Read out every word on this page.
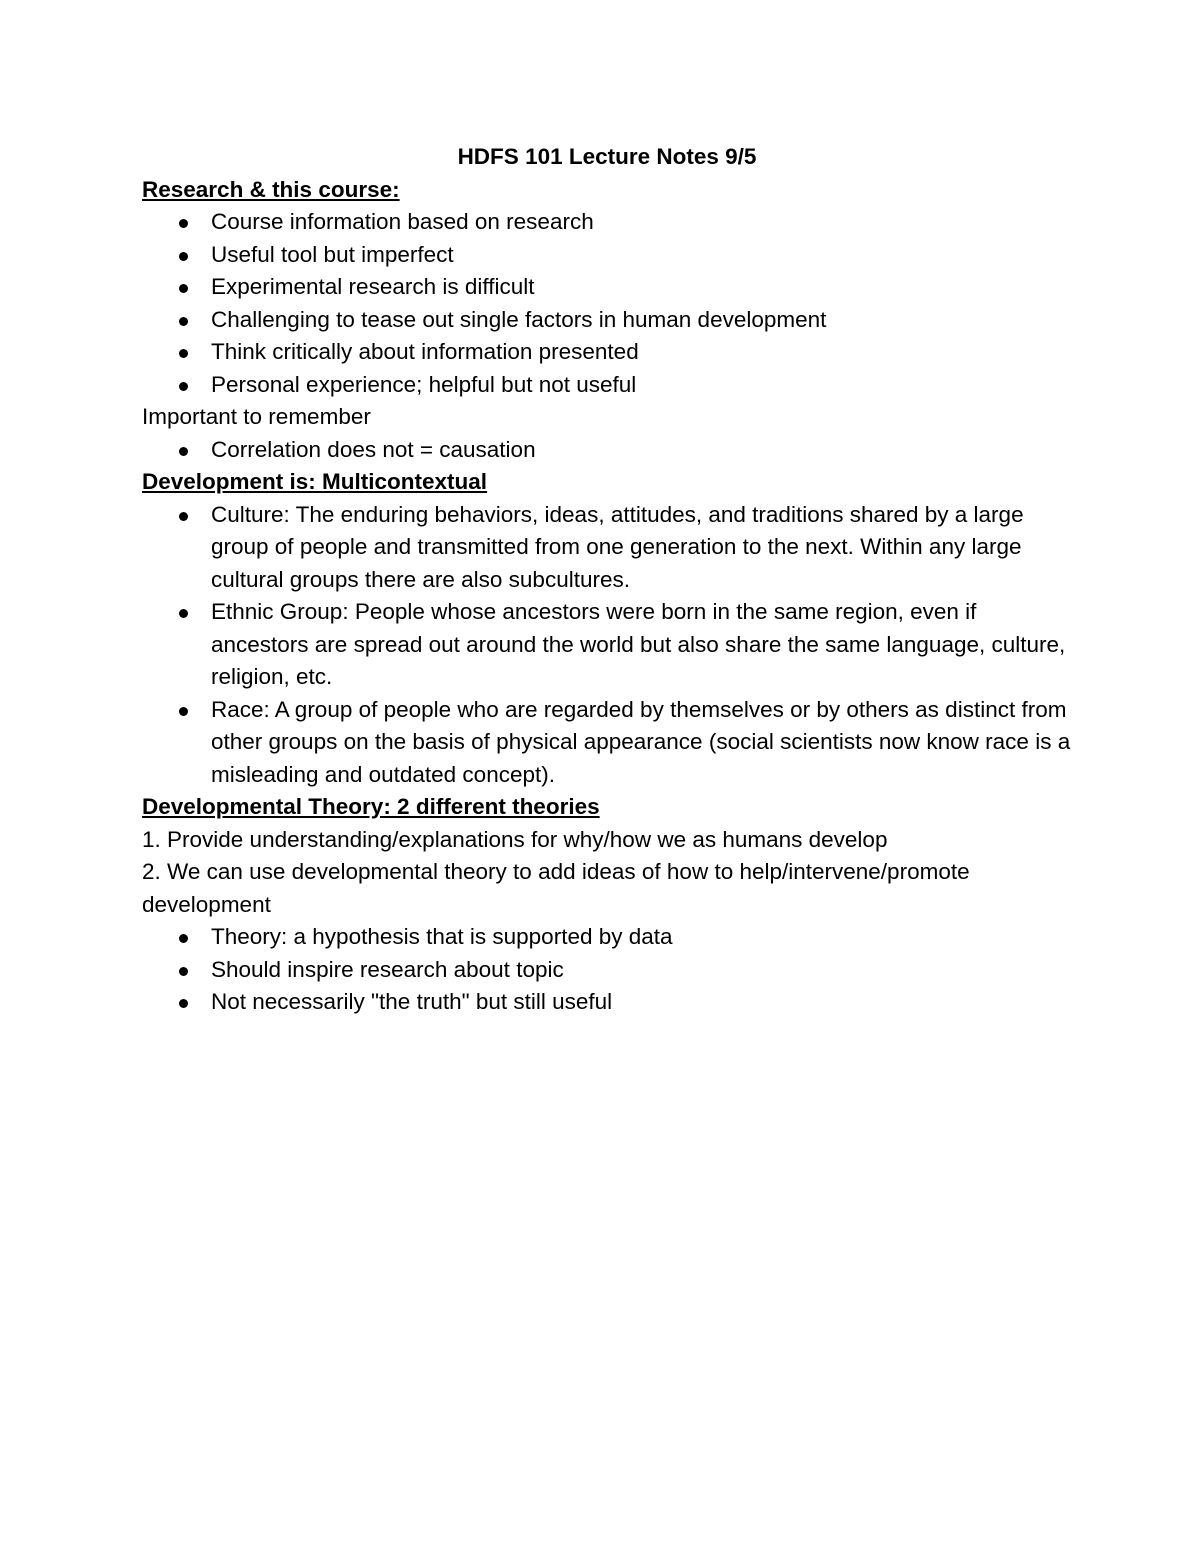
HDFS 101 Lecture Notes 9/5

Research & this course:

Course information based on research
Useful tool but imperfect
Experimental research is difficult
Challenging to tease out single factors in human development
Think critically about information presented
Personal experience; helpful but not useful

Important to remember

Correlation does not = causation

Development is: Multicontextual

Culture: The enduring behaviors, ideas, attitudes, and traditions shared by a large group of people and transmitted from one generation to the next. Within any large cultural groups there are also subcultures.
Ethnic Group: People whose ancestors were born in the same region, even if ancestors are spread out around the world but also share the same language, culture, religion, etc.
Race: A group of people who are regarded by themselves or by others as distinct from other groups on the basis of physical appearance (social scientists now know race is a misleading and outdated concept).

Developmental Theory: 2 different theories

1. Provide understanding/explanations for why/how we as humans develop

2. We can use developmental theory to add ideas of how to help/intervene/promote development

Theory: a hypothesis that is supported by data
Should inspire research about topic
Not necessarily "the truth" but still useful
